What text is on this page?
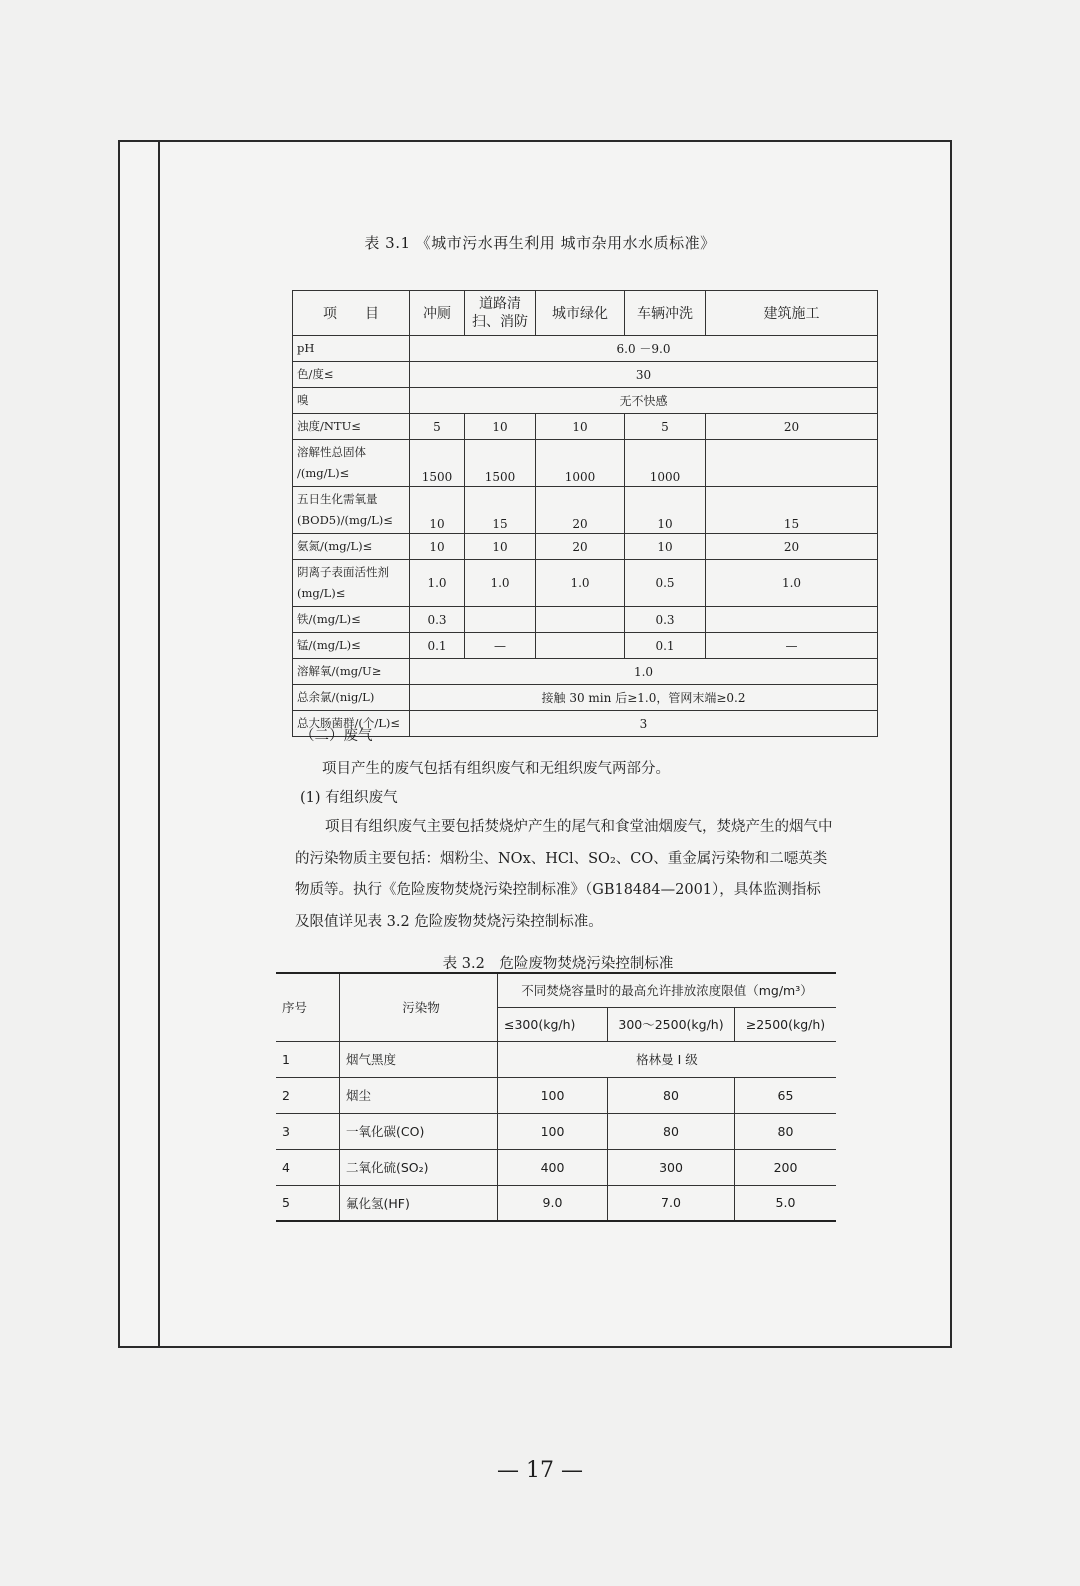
表 3.1 《城市污水再生利用 城市杂用水水质标准》
项　　目	冲厕	道路清扫、消防	城市绿化	车辆冲洗	建筑施工
pH	6.0 －9.0				
色/度≤	30				
嗅	无不快感				
浊度/NTU≤	5	10	10	5	20
溶解性总固体 /(mg/L)≤	1500	1500	1000	1000	
五日生化需氧量 (BOD5)/(mg/L)≤	10	15	20	10	15
氨氮/(mg/L)≤	10	10	20	10	20
阴离子表面活性剂 (mg/L)≤	1.0	1.0	1.0	0.5	1.0
铁/(mg/L)≤	0.3			0.3	
锰/(mg/L)≤	0.1	—		0.1	—
溶解氧/(mg/U≥	1.0				
总余氯/(nig/L)	接触 30 min 后≥1.0，管网末端≥0.2				
总大肠菌群/(个/L)≤	3				
（二）废气
项目产生的废气包括有组织废气和无组织废气两部分。
(1) 有组织废气
项目有组织废气主要包括焚烧炉产生的尾气和食堂油烟废气，焚烧产生的烟气中的污染物质主要包括：烟粉尘、NOx、HCl、SO₂、CO、重金属污染物和二噁英类物质等。执行《危险废物焚烧污染控制标准》（GB18484—2001），具体监测指标及限值详见表 3.2 危险废物焚烧污染控制标准。
表 3.2　危险废物焚烧污染控制标准
序号	污染物	不同焚烧容量时的最高允许排放浓度限值（mg/m³）		
		≤300(kg/h)	300～2500(kg/h)	≥2500(kg/h)
1	烟气黑度	格林曼 I 级		
2	烟尘	100	80	65
3	一氧化碳(CO)	100	80	80
4	二氧化硫(SO₂)	400	300	200
5	氟化氢(HF)	9.0	7.0	5.0
— 17 —
